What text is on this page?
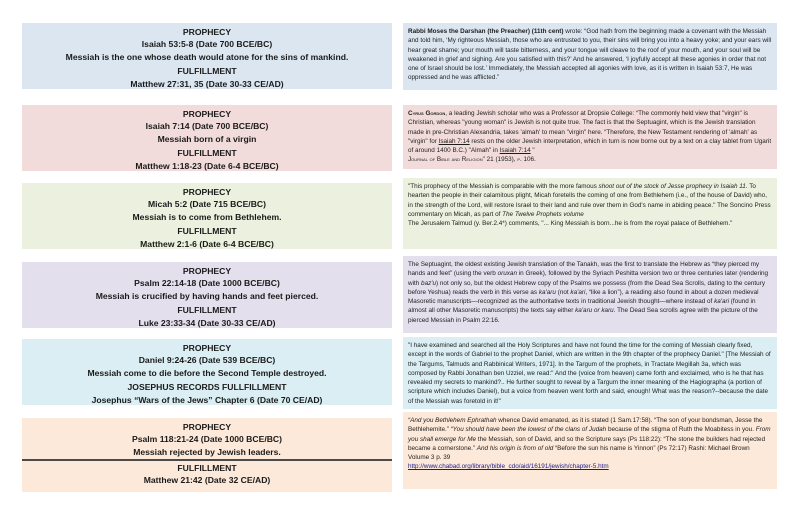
PROPHECY
Isaiah 53:5-8 (Date 700 BCE/BC)
Messiah is the one whose death would atone for the sins of mankind.
FULFILLMENT
Matthew 27:31, 35 (Date 30-33 CE/AD)
PROPHECY
Isaiah 7:14 (Date 700 BCE/BC)
Messiah born of a virgin
FULFILLMENT
Matthew 1:18-23 (Date 6-4 BCE/BC)
PROPHECY
Micah 5:2 (Date 715 BCE/BC)
Messiah is to come from Bethlehem.
FULFILLMENT
Matthew 2:1-6 (Date 6-4 BCE/BC)
PROPHECY
Psalm 22:14-18 (Date 1000 BCE/BC)
Messiah is crucified by having hands and feet pierced.
FULFILLMENT
Luke 23:33-34 (Date 30-33 CE/AD)
PROPHECY
Daniel 9:24-26 (Date 539 BCE/BC)
Messiah come to die before the Second Temple destroyed.
JOSEPHUS RECORDS FULLFILLMENT
Josephus “Wars of the Jews” Chapter 6 (Date 70 CE/AD)
PROPHECY
Psalm 118:21-24 (Date 1000 BCE/BC)
Messiah rejected by Jewish leaders.
FULFILLMENT
Matthew 21:42 (Date 32 CE/AD)
Rabbi Moses the Darshan (the Preacher) (11th cent) wrote: “God hath from the beginning made a covenant with the Messiah and told him, ‘My righteous Messiah, those who are entrusted to you, their sins will bring you into a heavy yoke; and your ears will hear great shame; your mouth will taste bitterness, and your tongue will cleave to the roof of your mouth, and your soul will be weakened in grief and sighing. Are you satisfied with this?’ And he answered, ‘I joyfully accept all these agonies in order that not one of Israel should be lost.’ Immediately, the Messiah accepted all agonies with love, as it is written in Isaiah 53:7, He was oppressed and he was afflicted.”
Cyrus Gordon, a leading Jewish scholar who was a Professor at Dropsie College: “The commonly held view that "virgin" is Christian, whereas "young woman" is Jewish is not quite true. The fact is that the Septuagint, which is the Jewish translation made in pre-Christian Alexandria, takes 'almah' to mean "virgin" here. “Therefore, the New Testament rendering of 'almah' as "virgin" for Isaiah 7:14 rests on the older Jewish interpretation, which in turn is now borne out by a text on a clay tablet from Ugarit of around 1400 B.C.) "Almah" in Isaiah 7:14 "
Journal of Bible and Religion" 21 (1953), p. 106.
"This prophecy of the Messiah is comparable with the more famous shoot out of the stock of Jesse prophecy in Isaiah 11. To hearten the people in their calamitous plight, Micah foretells the coming of one from Bethlehem (i.e., of the house of David) who, in the strength of the Lord, will restore Israel to their land and rule over them in God's name in abiding peace." The Soncino Press commentary on Micah, as part of The Twelve Prophets volume
The Jerusalem Talmud (y. Ber.2.4*) comments, "... King Messiah is born...he is from the royal palace of Bethlehem."
The Septuagint, the oldest existing Jewish translation of the Tanakh, was the first to translate the Hebrew as “they pierced my hands and feet” (using the verb oruxan in Greek), followed by the Syriach Peshitta version two or three centuries later (rendering with baz'u) not only so, but the oldest Hebrew copy of the Psalms we possess (from the Dead Sea Scrolls, dating to the century before Yeshua) reads the verb in this verse as ka'aru (not ka'ari, “like a lion”), a reading also found in about a dozen medieval Masoretic manuscripts—recognized as the authoritative texts in traditional Jewish thought—where instead of ka'ari (found in almost all other Masoretic manuscripts) the texts say either ka'aru or karu. The Dead Sea scrolls agree with the picture of the pierced Messiah in Psalm 22:16.
"I have examined and searched all the Holy Scriptures and have not found the time for the coming of Messiah clearly fixed, except in the words of Gabriel to the prophet Daniel, which are written in the 9th chapter of the prophecy Daniel." [The Messiah of the Targums, Talmuds and Rabbinical Writers, 1971]. In the Targum of the prophets, in Tractate Megillah 3a, which was composed by Rabbi Jonathan ben Uzziel, we read:" And the (voice from heaven) came forth and exclaimed, who is he that has revealed my secrets to mankind?.. He further sought to reveal by a Targum the inner meaning of the Hagiographa (a portion of scripture which includes Daniel), but a voice from heaven went forth and said, enough! What was the reason?--because the date of the Messiah was foretold in it!"
“And you Bethlehem Ephrathah whence David emanated, as it is stated (1 Sam.17:58). “The son of your bondsman, Jesse the Bethlehemite.” “You should have been the lowest of the clans of Judah because of the stigma of Ruth the Moabitess in you. From you shall emerge for Me the Messiah, son of David, and so the Scripture says (Ps 118:22): “The stone the builders had rejected became a cornerstone.” And his origin is from of old “Before the sun his name is Yinnon” (Ps 72:17) Rashi: Michael Brown Volume 3 p. 39
http://www.chabad.org/library/bible_cdo/aid/16191/jewish/chapter-5.htm
